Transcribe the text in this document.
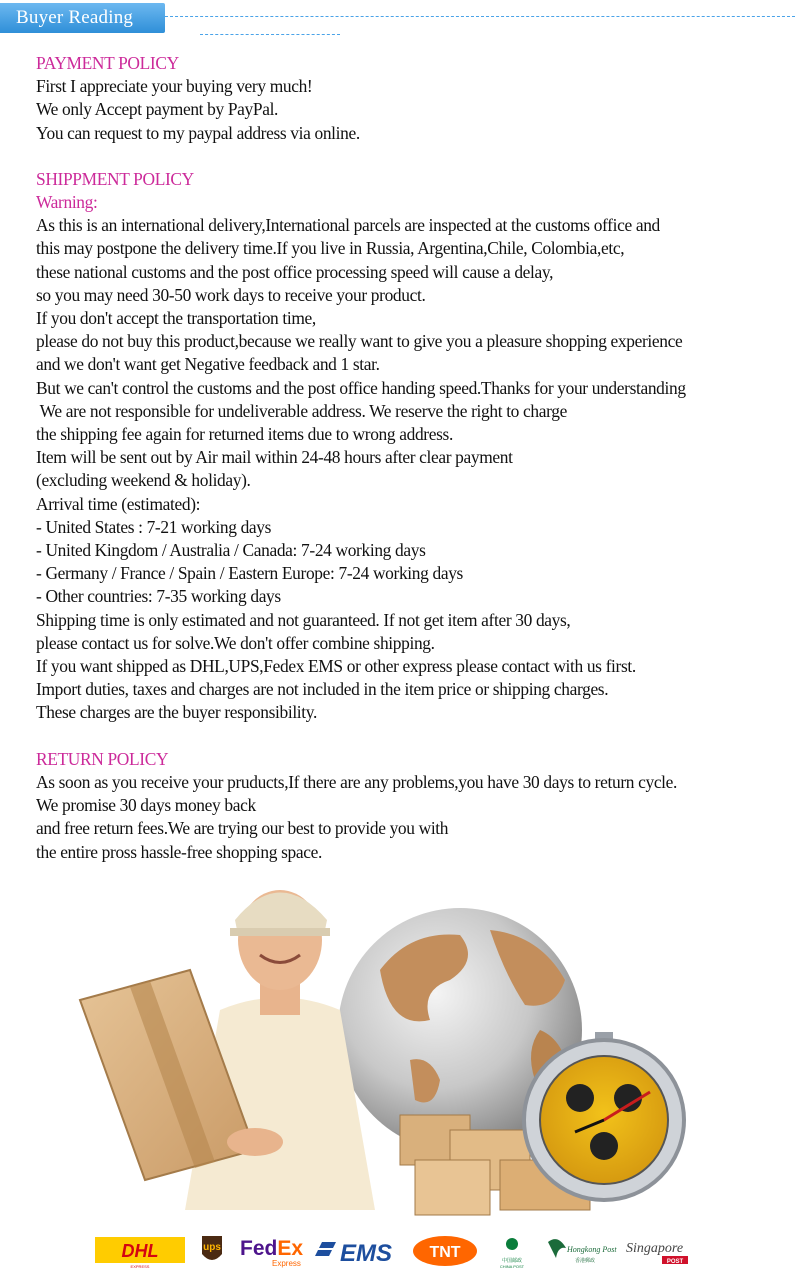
Buyer Reading
PAYMENT POLICY
First I appreciate your buying very much!
We only Accept payment by PayPal.
You can request to my paypal address via online.
SHIPPMENT POLICY
Warning:
As this is an international delivery,International parcels are inspected at the customs office and
this may postpone the delivery time.If you live in Russia, Argentina,Chile, Colombia,etc,
these national customs and the post office processing speed will cause a delay,
so you may need 30-50 work days to receive your product.
If you don't accept the transportation time,
please do not buy this product,because we really want to give you a pleasure shopping experience
and we don't want get Negative feedback and 1 star.
But we can't control the customs and the post office handing speed.Thanks for your understanding
We are not responsible for undeliverable address. We reserve the right to charge
the shipping fee again for returned items due to wrong address.
Item will be sent out by Air mail within 24-48 hours after clear payment
(excluding weekend & holiday).
Arrival time (estimated):
- United States : 7-21 working days
- United Kingdom / Australia / Canada: 7-24 working days
- Germany / France / Spain / Eastern Europe: 7-24 working days
- Other countries: 7-35 working days
Shipping time is only estimated and not guaranteed. If not get item after 30 days,
please contact us for solve.We don't offer combine shipping.
If you want shipped as DHL,UPS,Fedex EMS or other express please contact with us first.
Import duties, taxes and charges are not included in the item price or shipping charges.
These charges are the buyer responsibility.
RETURN POLICY
As soon as you receive your pruducts,If there are any problems,you have 30 days to return cycle.
We promise 30 days money back
and free return fees.We are trying our best to provide you with
the entire pross hassle-free shopping space.
DHL
EXPRESS
ups FedEx
Express EMS TNT	中国邮政
CHINA POST
Hongkong Post
香港郵政
Singapore
POST
